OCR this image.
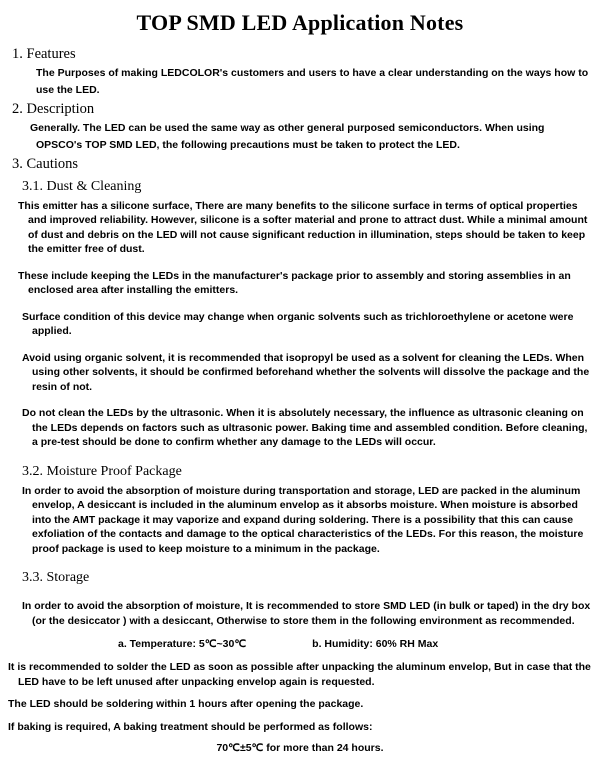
TOP SMD LED Application Notes
1. Features
The Purposes of making LEDCOLOR's customers and users to have a clear understanding on the ways how to
use the LED.
2. Description
Generally. The LED can be used the same way as other general purposed semiconductors. When using
OPSCO's TOP SMD LED, the following precautions must be taken to protect the LED.
3. Cautions
3.1. Dust & Cleaning
This emitter has a silicone surface, There are many benefits to the silicone surface in terms of optical properties and improved reliability. However, silicone is a softer material and prone to attract dust. While a minimal amount of dust and debris on the LED will not cause significant reduction in illumination, steps should be taken to keep the emitter free of dust.
These include keeping the LEDs in the manufacturer's package prior to assembly and storing assemblies in an enclosed area after installing the emitters.
Surface condition of this device may change when organic solvents such as trichloroethylene or acetone were applied.
Avoid using organic solvent, it is recommended that isopropyl be used as a solvent for cleaning the LEDs. When using other solvents, it should be confirmed beforehand whether the solvents will dissolve the package and the resin of not.
Do not clean the LEDs by the ultrasonic. When it is absolutely necessary, the influence as ultrasonic cleaning on the LEDs depends on factors such as ultrasonic power. Baking time and assembled condition. Before cleaning, a pre-test should be done to confirm whether any damage to the LEDs will occur.
3.2. Moisture Proof Package
In order to avoid the absorption of moisture during transportation and storage, LED are packed in the aluminum envelop, A desiccant is included in the aluminum envelop as it absorbs moisture. When moisture is absorbed into the AMT package it may vaporize and expand during soldering. There is a possibility that this can cause exfoliation of the contacts and damage to the optical characteristics of the LEDs. For this reason, the moisture proof package is used to keep moisture to a minimum in the package.
3.3. Storage
In order to avoid the absorption of moisture, It is recommended to store SMD LED (in bulk or taped) in the dry box (or the desiccator ) with a desiccant, Otherwise to store them in the following environment as recommended.
a. Temperature: 5℃~30℃	b. Humidity: 60% RH Max

It is recommended to solder the LED as soon as possible after unpacking the aluminum envelop, But in case that the LED have to be left unused after unpacking envelop again is requested.

The LED should be soldering within 1 hours after opening the package.

If baking is required, A baking treatment should be performed as follows:

70℃±5℃ for more than 24 hours.
